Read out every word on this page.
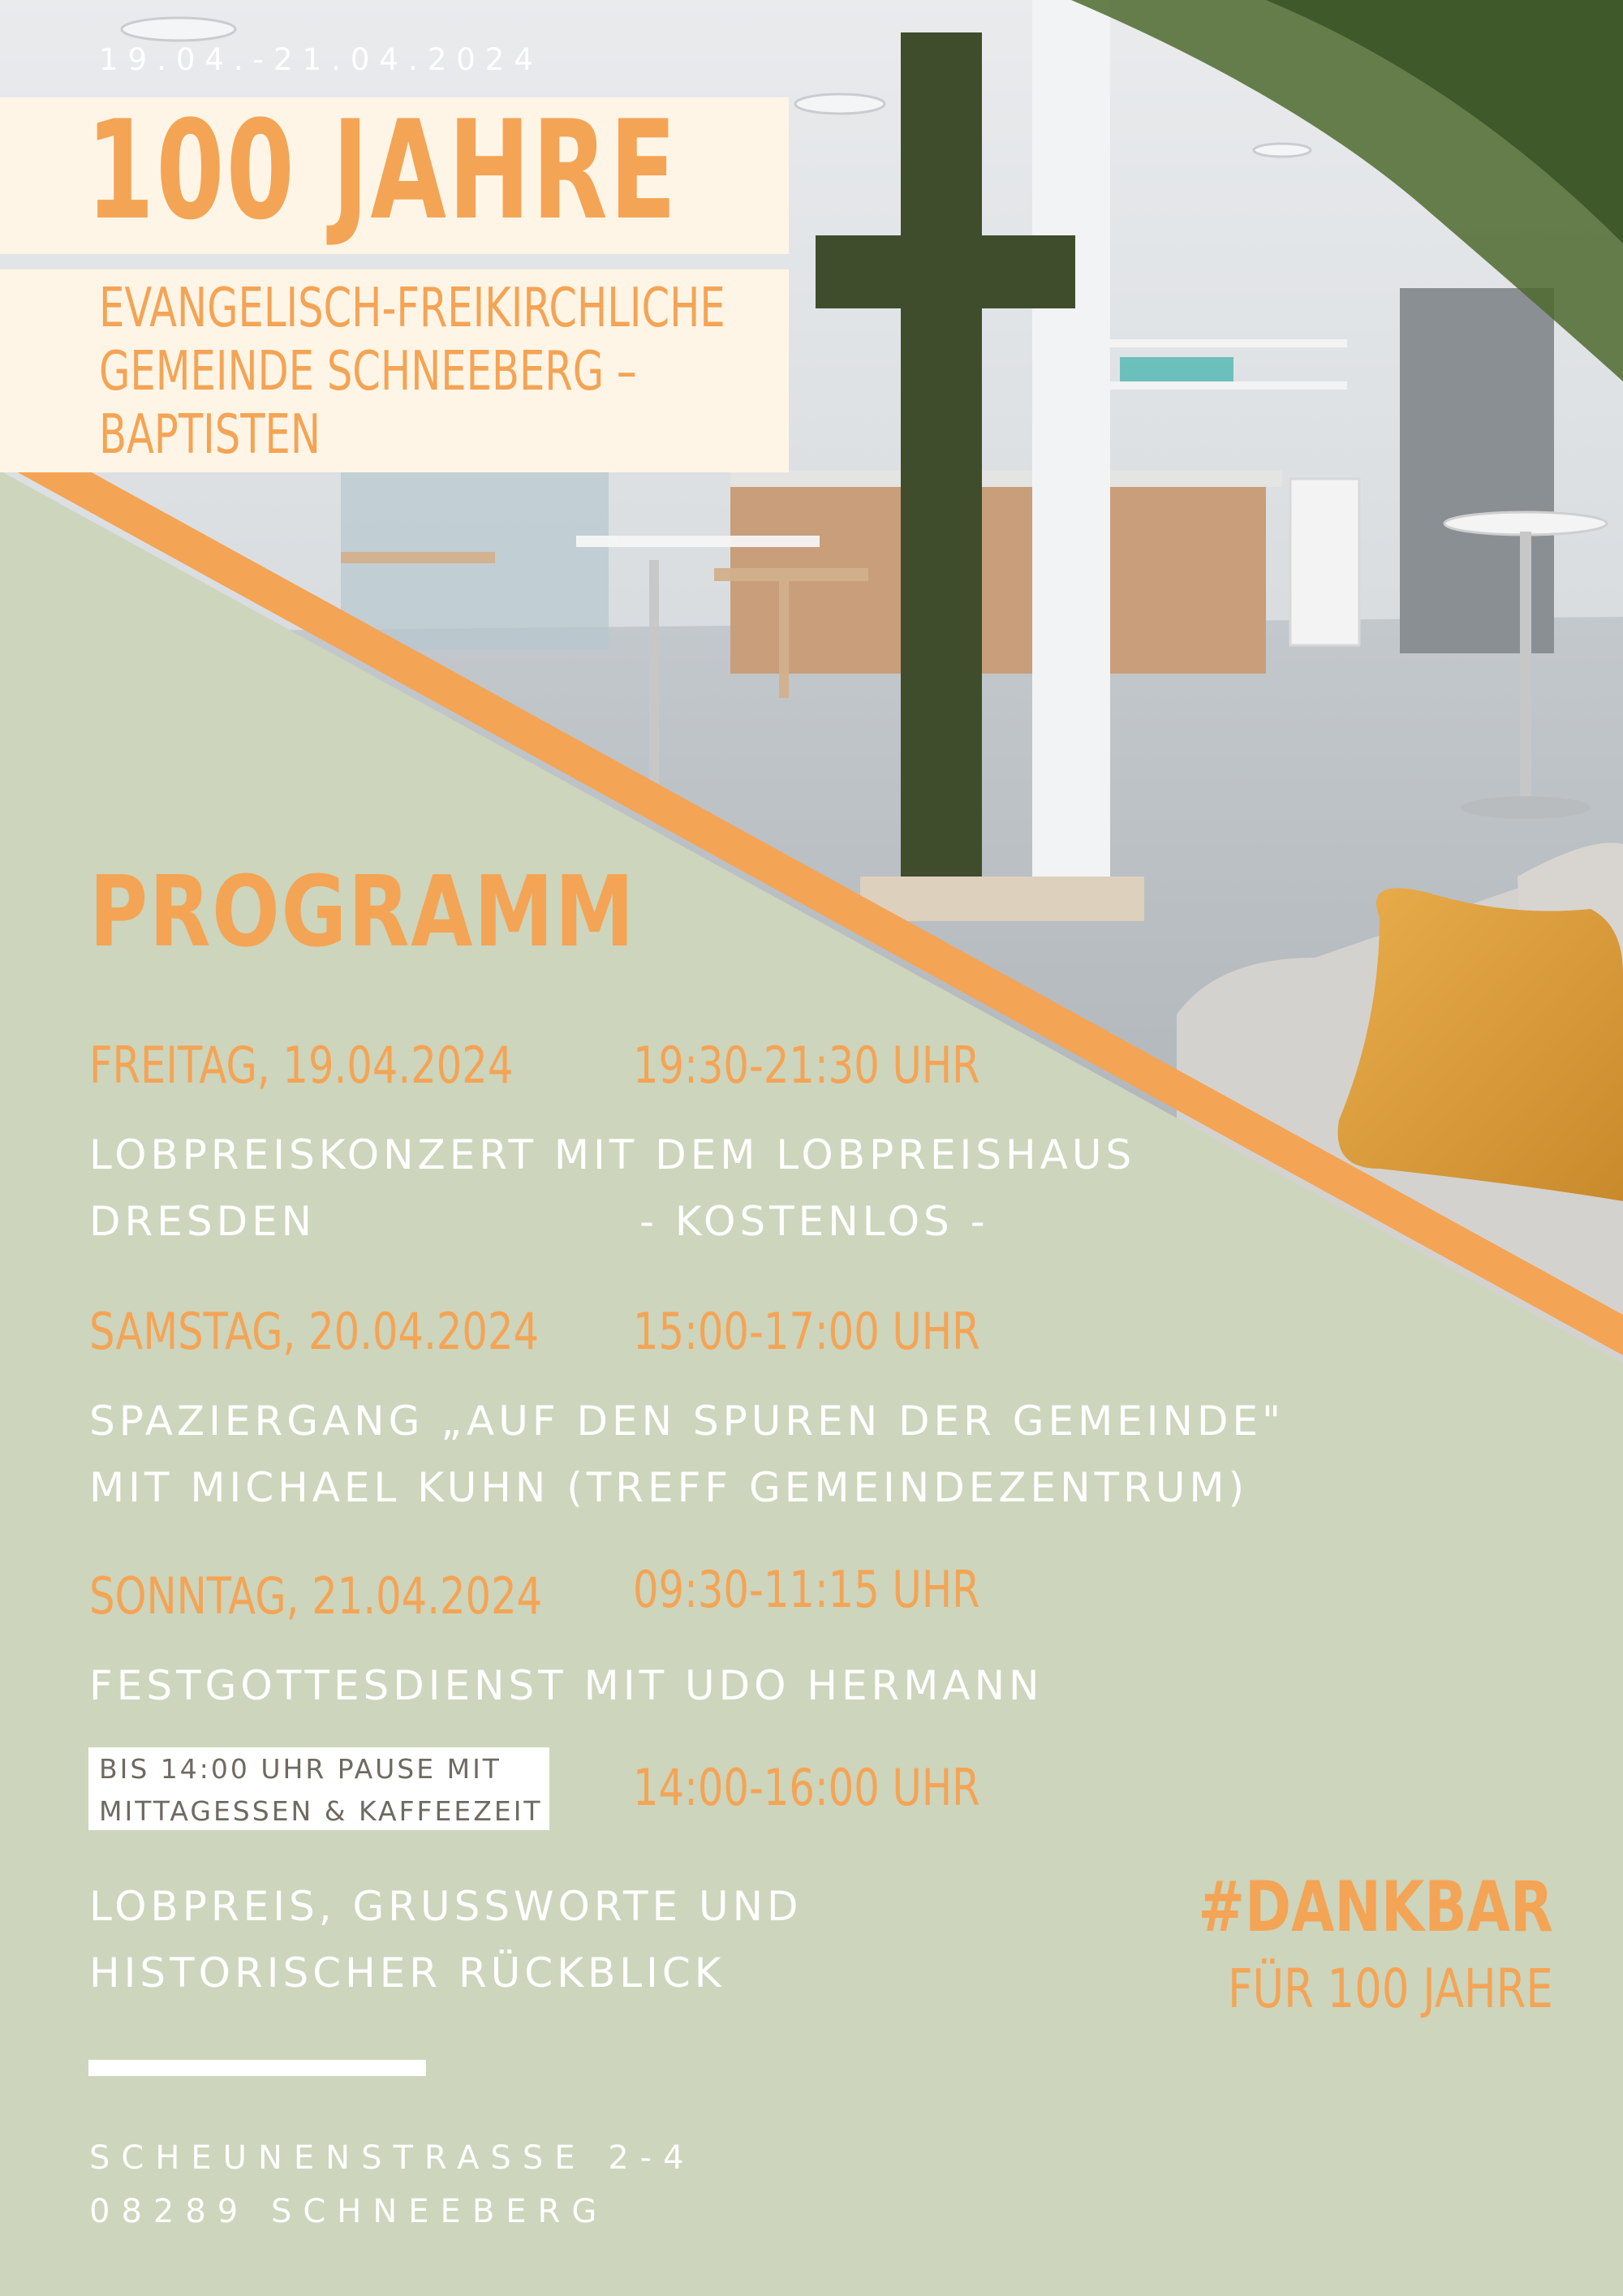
19.04.-21.04.2024
100 JAHRE
EVANGELISCH-FREIKIRCHLICHE
GEMEINDE SCHNEEBERG –
BAPTISTEN
PROGRAMM
FREITAG, 19.04.2024 19:30-21:30 UHR
LOBPREISKONZERT MIT DEM LOBPREISHAUS
DRESDEN	- KOSTENLOS -
SAMSTAG, 20.04.2024 15:00-17:00 UHR
SPAZIERGANG „AUF DEN SPUREN DER GEMEINDE"
MIT MICHAEL KUHN (TREFF GEMEINDEZENTRUM)
SONNTAG, 21.04.2024 09:30-11:15 UHR
FESTGOTTESDIENST MIT UDO HERMANN
BIS 14:00 UHR PAUSE MIT
MITTAGESSEN & KAFFEEZEIT 14:00-16:00 UHR
LOBPREIS, GRUSSWORTE UND
HISTORISCHER RÜCKBLICK
#DANKBAR
FÜR 100 JAHRE
SCHEUNENSTRASSE 2-4
08289 SCHNEEBERG
